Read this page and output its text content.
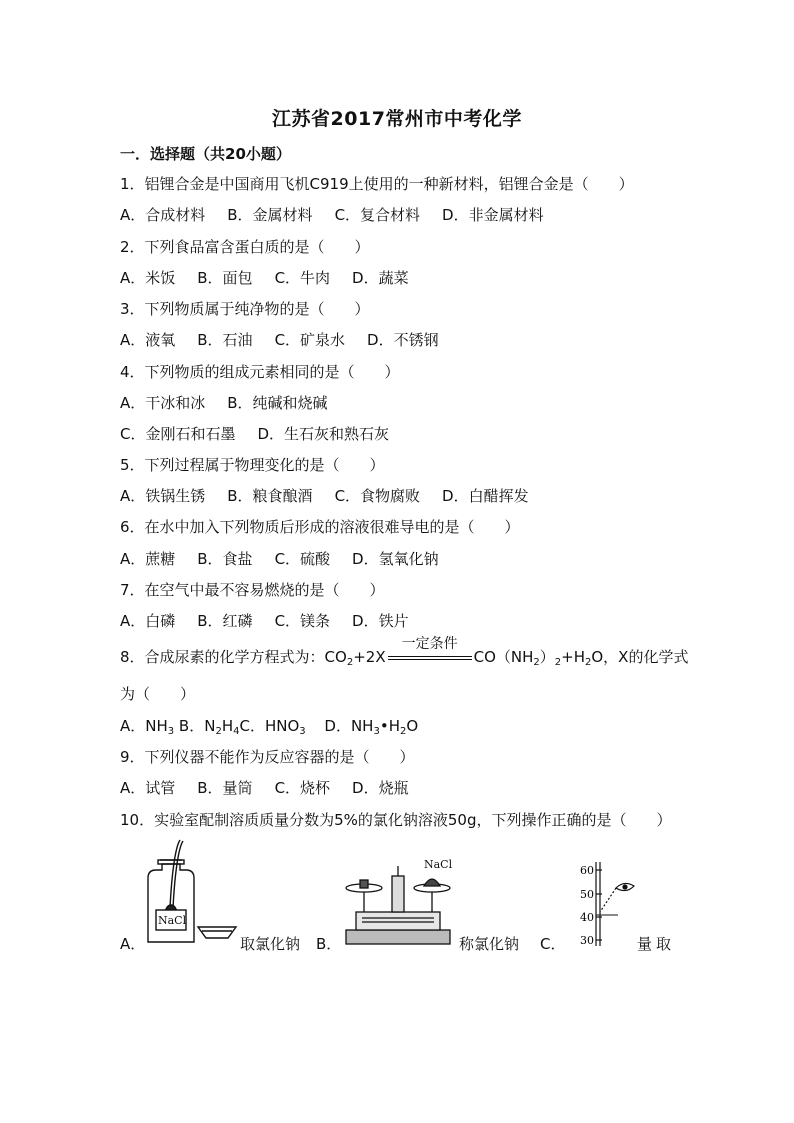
江苏省2017常州市中考化学
一．选择题（共20小题）
1．铝锂合金是中国商用飞机C919上使用的一种新材料，铝锂合金是（　　）
A．合成材料 B．金属材料 C．复合材料 D．非金属材料
2．下列食品富含蛋白质的是（　　）
A．米饭 B．面包 C．牛肉 D．蔬菜
3．下列物质属于纯净物的是（　　）
A．液氧 B．石油 C．矿泉水 D．不锈钢
4．下列物质的组成元素相同的是（　　）
A．干冰和冰 B．纯碱和烧碱
C．金刚石和石墨 D．生石灰和熟石灰
5．下列过程属于物理变化的是（　　）
A．铁锅生锈 B．粮食酿酒 C．食物腐败 D．白醋挥发
6．在水中加入下列物质后形成的溶液很难导电的是（　　）
A．蔗糖 B．食盐 C．硫酸 D．氢氧化钠
7．在空气中最不容易燃烧的是（　　）
A．白磷 B．红磷 C．镁条 D．铁片
8．合成尿素的化学方程式为：$CO_2+2X$
一定条件
$CO(NH_2)_2+H_2O$，X的化学式
为（　　）
A．$NH_3$ B．$N_2H_4C$．$HNO_3$ D．$NH_3•H_2O$
9．下列仪器不能作为反应容器的是（　　）
A．试管 B．量筒 C．烧杯 D．烧瓶
10．实验室配制溶质质量分数为5%的氯化钠溶液50g，下列操作正确的是（　　）
A．	取氯化钠 B．	称氯化钠 C．	量取
NaCl
NaCl	60
50
40
30
